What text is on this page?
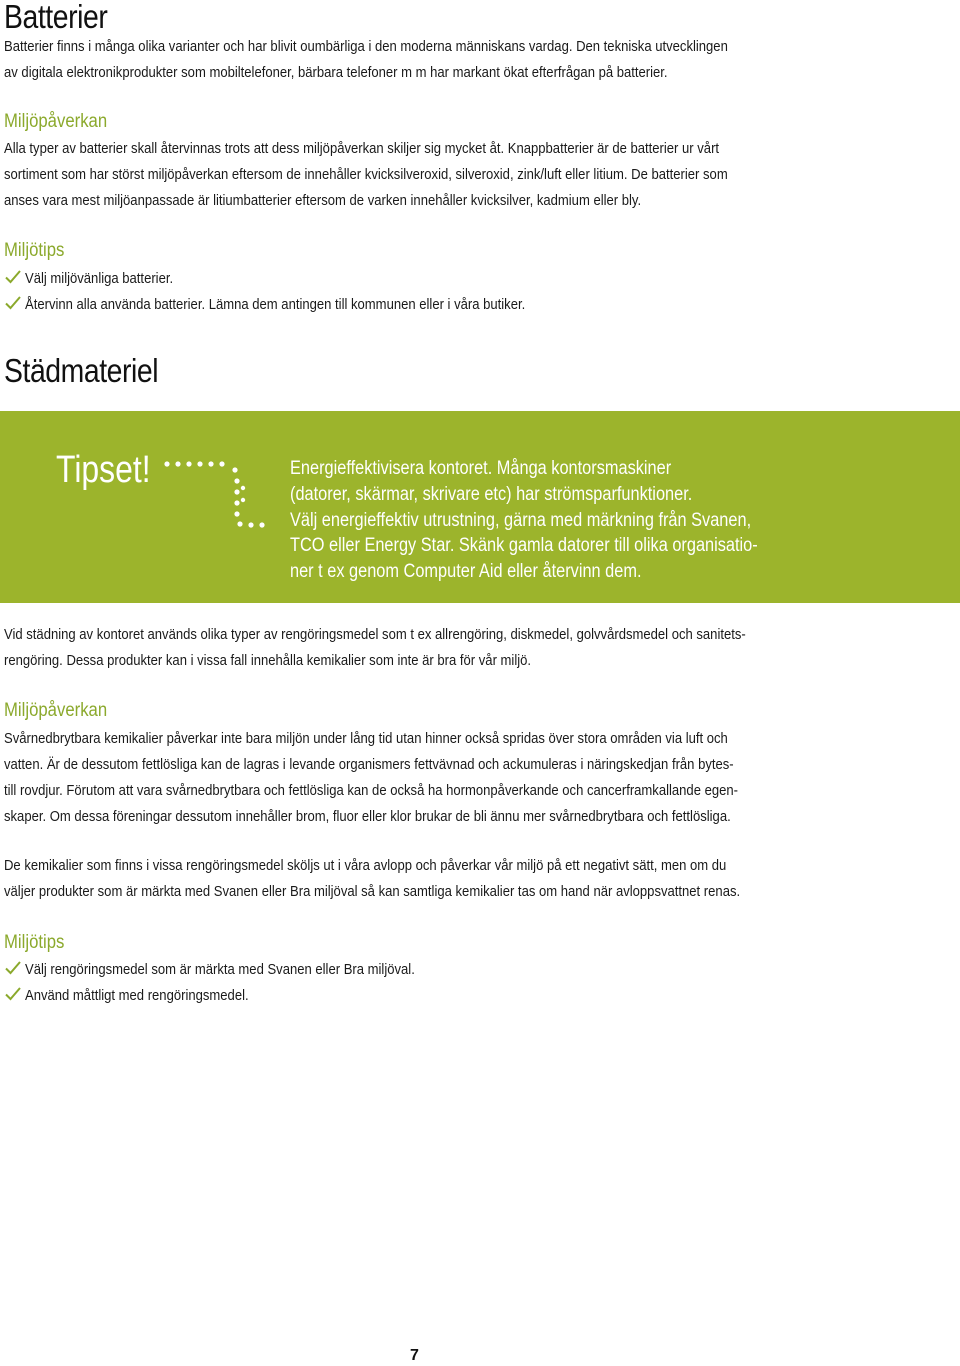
Batterier

Batterier finns i många olika varianter och har blivit oumbärliga i den moderna människans vardag. Den tekniska utvecklingen
av digitala elektronikprodukter som mobiltelefoner, bärbara telefoner m m har markant ökat efterfrågan på batterier.

Miljöpåverkan

Alla typer av batterier skall återvinnas trots att dess miljöpåverkan skiljer sig mycket åt. Knappbatterier är de batterier ur vårt
sortiment som har störst miljöpåverkan eftersom de innehåller kvicksilveroxid, silveroxid, zink/luft eller litium. De batterier som
anses vara mest miljöanpassade är litiumbatterier eftersom de varken innehåller kvicksilver, kadmium eller bly.

Miljötips
Välj miljövänliga batterier.
Återvinn alla använda batterier. Lämna dem antingen till kommunen eller i våra butiker.
Städmateriel
Tipset!	Energieffektivisera kontoret. Många kontorsmaskiner
(datorer, skärmar, skrivare etc) har strömsparfunktioner.
Välj energieffektiv utrustning, gärna med märkning från Svanen,
TCO eller Energy Star. Skänk gamla datorer till olika organisatio-
ner t ex genom Computer Aid eller återvinn dem.

Vid städning av kontoret används olika typer av rengöringsmedel som t ex allrengöring, diskmedel, golvvårdsmedel och sanitets-
rengöring. Dessa produkter kan i vissa fall innehålla kemikalier som inte är bra för vår miljö.

Miljöpåverkan

Svårnedbrytbara kemikalier påverkar inte bara miljön under lång tid utan hinner också spridas över stora områden via luft och
vatten. Är de dessutom fettlösliga kan de lagras i levande organismers fettvävnad och ackumuleras i näringskedjan från bytes-
till rovdjur. Förutom att vara svårnedbrytbara och fettlösliga kan de också ha hormonpåverkande och cancerframkallande egen-
skaper. Om dessa föreningar dessutom innehåller brom, fluor eller klor brukar de bli ännu mer svårnedbrytbara och fettlösliga.

De kemikalier som finns i vissa rengöringsmedel sköljs ut i våra avlopp och påverkar vår miljö på ett negativt sätt, men om du
väljer produkter som är märkta med Svanen eller Bra miljöval så kan samtliga kemikalier tas om hand när avloppsvattnet renas.

Miljötips
Välj rengöringsmedel som är märkta med Svanen eller Bra miljöval.
Använd måttligt med rengöringsmedel.
7
